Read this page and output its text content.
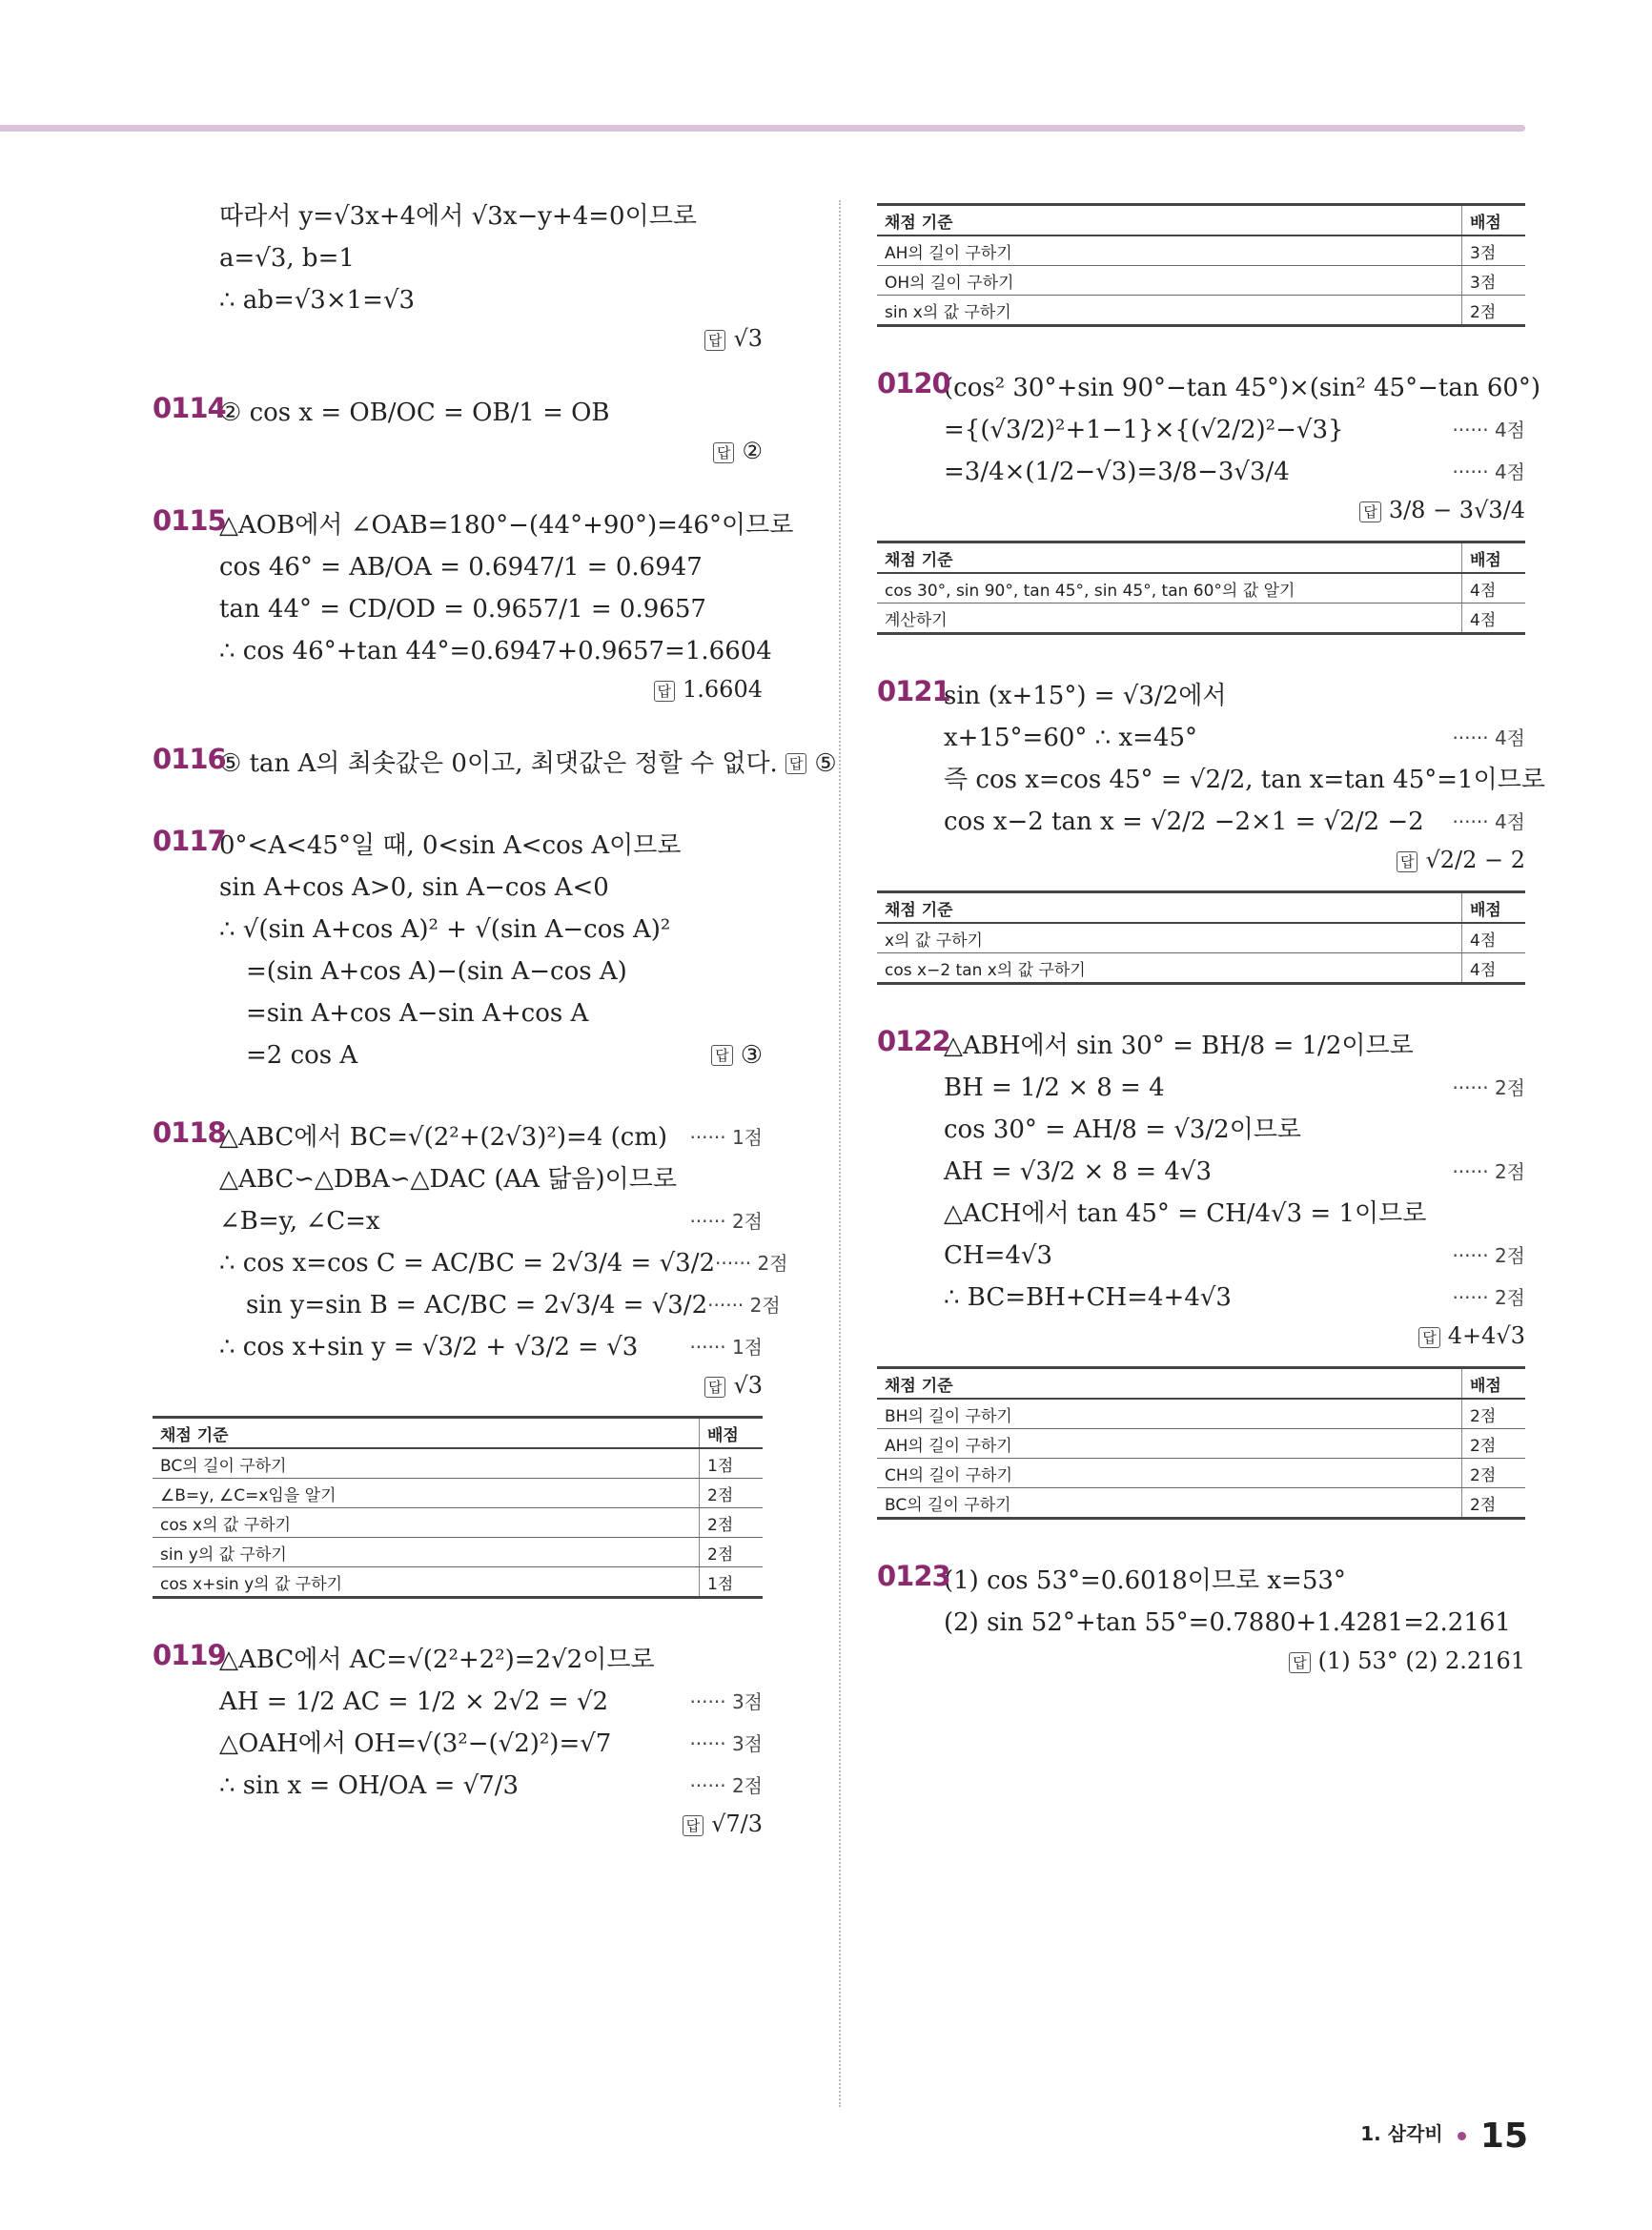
따라서 y=√3x+4에서 √3x−y+4=0이므로
a=√3, b=1
∴ ab=√3×1=√3
답 √3
0114
② cos x = OB/OC = OB/1 = OB
답 ②
0115
△AOB에서 ∠OAB=180°−(44°+90°)=46°이므로
cos 46° = AB/OA = 0.6947/1 = 0.6947
tan 44° = CD/OD = 0.9657/1 = 0.9657
∴ cos 46°+tan 44°=0.6947+0.9657=1.6604
답 1.6604
0116
⑤ tan A의 최솟값은 0이고, 최댓값은 정할 수 없다. 답 ⑤
0117
0°<A<45°일 때, 0<sin A<cos A이므로
sin A+cos A>0, sin A−cos A<0
∴ √(sin A+cos A)² + √(sin A−cos A)²
=(sin A+cos A)−(sin A−cos A)
=sin A+cos A−sin A+cos A
=2 cos A	답 ③
0118
△ABC에서 BC=√(2²+(2√3)²)=4 (cm)	······ 1점
△ABC∽△DBA∽△DAC (AA 닮음)이므로
∠B=y, ∠C=x	······ 2점
∴ cos x=cos C = AC/BC = 2√3/4 = √3/2 ······ 2점
sin y=sin B = AC/BC = 2√3/4 = √3/2 ······ 2점
∴ cos x+sin y = √3/2 + √3/2 = √3	······ 1점
답 √3
채점 기준	배점
BC의 길이 구하기	1점
∠B=y, ∠C=x임을 알기	2점
cos x의 값 구하기	2점
sin y의 값 구하기	2점
cos x+sin y의 값 구하기	1점
0119
△ABC에서 AC=√(2²+2²)=2√2이므로
AH = 1/2 AC = 1/2 × 2√2 = √2	······ 3점
△OAH에서 OH=√(3²−(√2)²)=√7	······ 3점
∴ sin x = OH/OA = √7/3	······ 2점
답 √7/3
채점 기준	배점
AH의 길이 구하기	3점
OH의 길이 구하기	3점
sin x의 값 구하기	2점
0120
(cos² 30°+sin 90°−tan 45°)×(sin² 45°−tan 60°)
={(√3/2)²+1−1}×{(√2/2)²−√3}	······ 4점
=3/4×(1/2−√3)=3/8−3√3/4	······ 4점
답 3/8 − 3√3/4
채점 기준	배점
cos 30°, sin 90°, tan 45°, sin 45°, tan 60°의 값 알기	4점
계산하기	4점
0121
sin (x+15°) = √3/2에서
x+15°=60° ∴ x=45°	······ 4점
즉 cos x=cos 45° = √2/2, tan x=tan 45°=1이므로
cos x−2 tan x = √2/2 −2×1 = √2/2 −2	······ 4점
답 √2/2 − 2
채점 기준	배점
x의 값 구하기	4점
cos x−2 tan x의 값 구하기	4점
0122
△ABH에서 sin 30° = BH/8 = 1/2이므로
BH = 1/2 × 8 = 4	······ 2점
cos 30° = AH/8 = √3/2이므로
AH = √3/2 × 8 = 4√3	······ 2점
△ACH에서 tan 45° = CH/4√3 = 1이므로
CH=4√3	······ 2점
∴ BC=BH+CH=4+4√3	······ 2점
답 4+4√3
채점 기준	배점
BH의 길이 구하기	2점
AH의 길이 구하기	2점
CH의 길이 구하기	2점
BC의 길이 구하기	2점
0123
(1) cos 53°=0.6018이므로 x=53°
(2) sin 52°+tan 55°=0.7880+1.4281=2.2161
답 (1) 53° (2) 2.2161
1. 삼각비 15
